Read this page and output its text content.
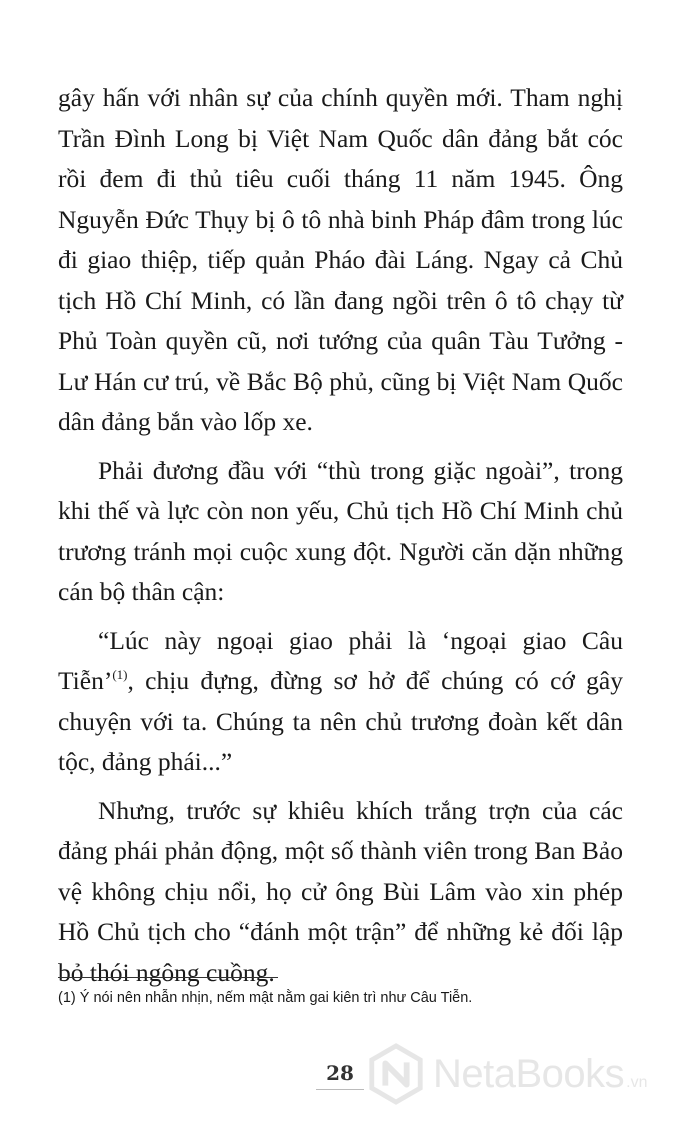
gây hấn với nhân sự của chính quyền mới. Tham nghị Trần Đình Long bị Việt Nam Quốc dân đảng bắt cóc rồi đem đi thủ tiêu cuối tháng 11 năm 1945. Ông Nguyễn Đức Thụy bị ô tô nhà binh Pháp đâm trong lúc đi giao thiệp, tiếp quản Pháo đài Láng. Ngay cả Chủ tịch Hồ Chí Minh, có lần đang ngồi trên ô tô chạy từ Phủ Toàn quyền cũ, nơi tướng của quân Tàu Tưởng - Lư Hán cư trú, về Bắc Bộ phủ, cũng bị Việt Nam Quốc dân đảng bắn vào lốp xe.

Phải đương đầu với “thù trong giặc ngoài”, trong khi thế và lực còn non yếu, Chủ tịch Hồ Chí Minh chủ trương tránh mọi cuộc xung đột. Người căn dặn những cán bộ thân cận:

“Lúc này ngoại giao phải là ‘ngoại giao Câu Tiễn’$^{(1)}$, chịu đựng, đừng sơ hở để chúng có cớ gây chuyện với ta. Chúng ta nên chủ trương đoàn kết dân tộc, đảng phái...”

Nhưng, trước sự khiêu khích trắng trợn của các đảng phái phản động, một số thành viên trong Ban Bảo vệ không chịu nổi, họ cử ông Bùi Lâm vào xin phép Hồ Chủ tịch cho “đánh một trận” để những kẻ đối lập bỏ thói ngông cuồng.

(1) Ý nói nên nhẫn nhịn, nếm mật nằm gai kiên trì như Câu Tiễn.
28 NetaBooks .vn
